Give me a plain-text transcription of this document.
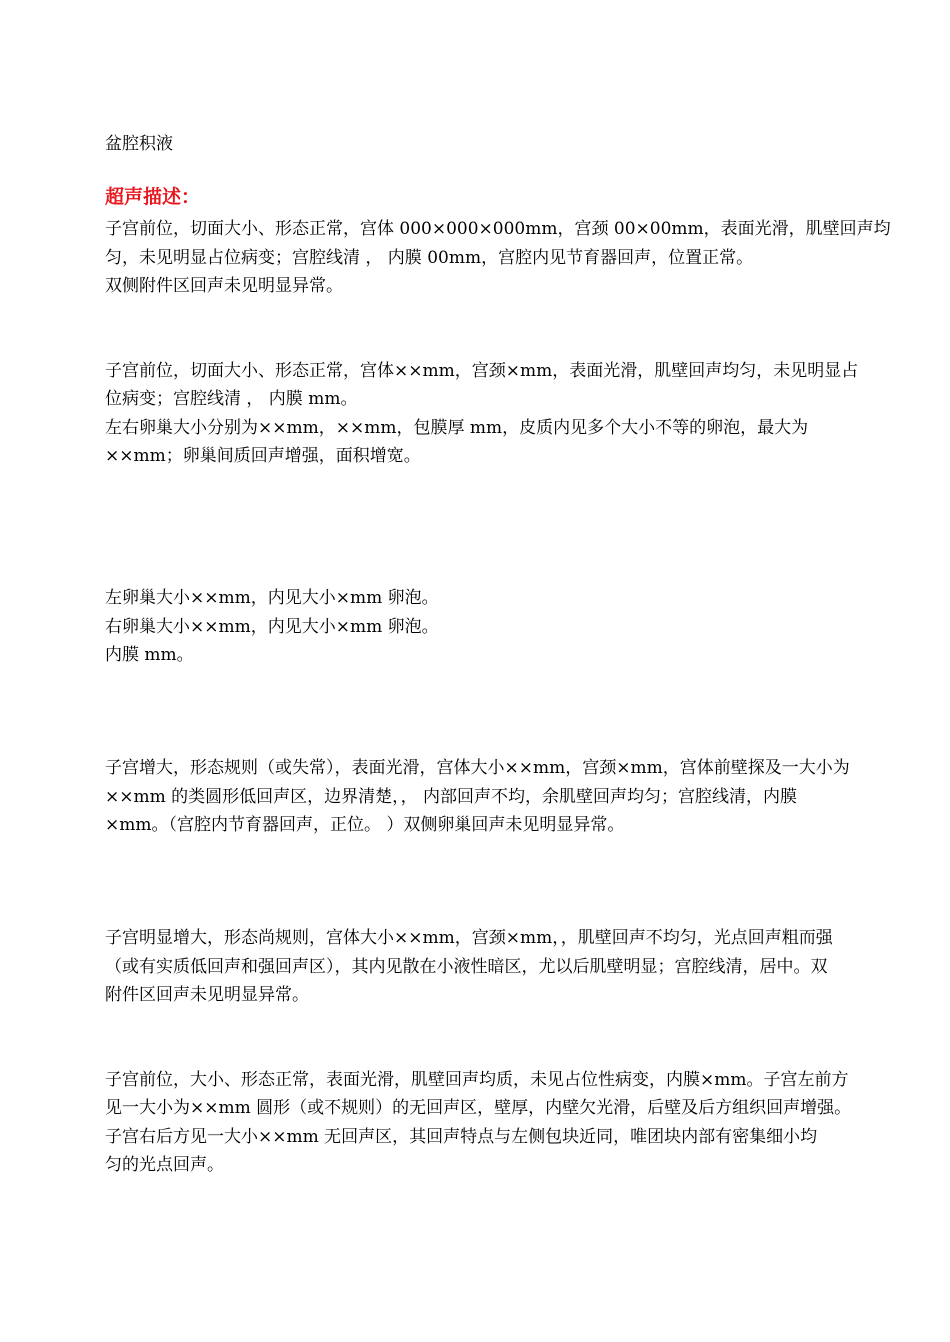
盆腔积液
超声描述：
子宫前位，切面大小、形态正常，宫体 000×000×000mm，宫颈 00×00mm，表面光滑，肌壁回声均
匀，未见明显占位病变；宫腔线清 ， 内膜 00mm，宫腔内见节育器回声，位置正常。
双侧附件区回声未见明显异常。
子宫前位，切面大小、形态正常，宫体××mm，宫颈×mm，表面光滑，肌壁回声均匀，未见明显占
位病变；宫腔线清 ， 内膜 mm。
左右卵巢大小分别为××mm，××mm，包膜厚 mm，皮质内见多个大小不等的卵泡，最大为
××mm；卵巢间质回声增强，面积增宽。
左卵巢大小××mm，内见大小×mm 卵泡。
右卵巢大小××mm，内见大小×mm 卵泡。
内膜 mm。
子宫增大，形态规则（或失常），表面光滑，宫体大小××mm，宫颈×mm，宫体前壁探及一大小为
××mm 的类圆形低回声区，边界清楚，， 内部回声不均，余肌壁回声均匀；宫腔线清，内膜
×mm。（宫腔内节育器回声，正位。 ）双侧卵巢回声未见明显异常。
子宫明显增大，形态尚规则，宫体大小××mm，宫颈×mm，，肌壁回声不均匀，光点回声粗而强
（或有实质低回声和强回声区），其内见散在小液性暗区，尤以后肌壁明显；宫腔线清，居中。双
附件区回声未见明显异常。
子宫前位，大小、形态正常，表面光滑，肌壁回声均质，未见占位性病变，内膜×mm。子宫左前方
见一大小为××mm 圆形（或不规则）的无回声区，壁厚，内壁欠光滑，后壁及后方组织回声增强。
子宫右后方见一大小××mm 无回声区，其回声特点与左侧包块近同，唯团块内部有密集细小均
匀的光点回声。
